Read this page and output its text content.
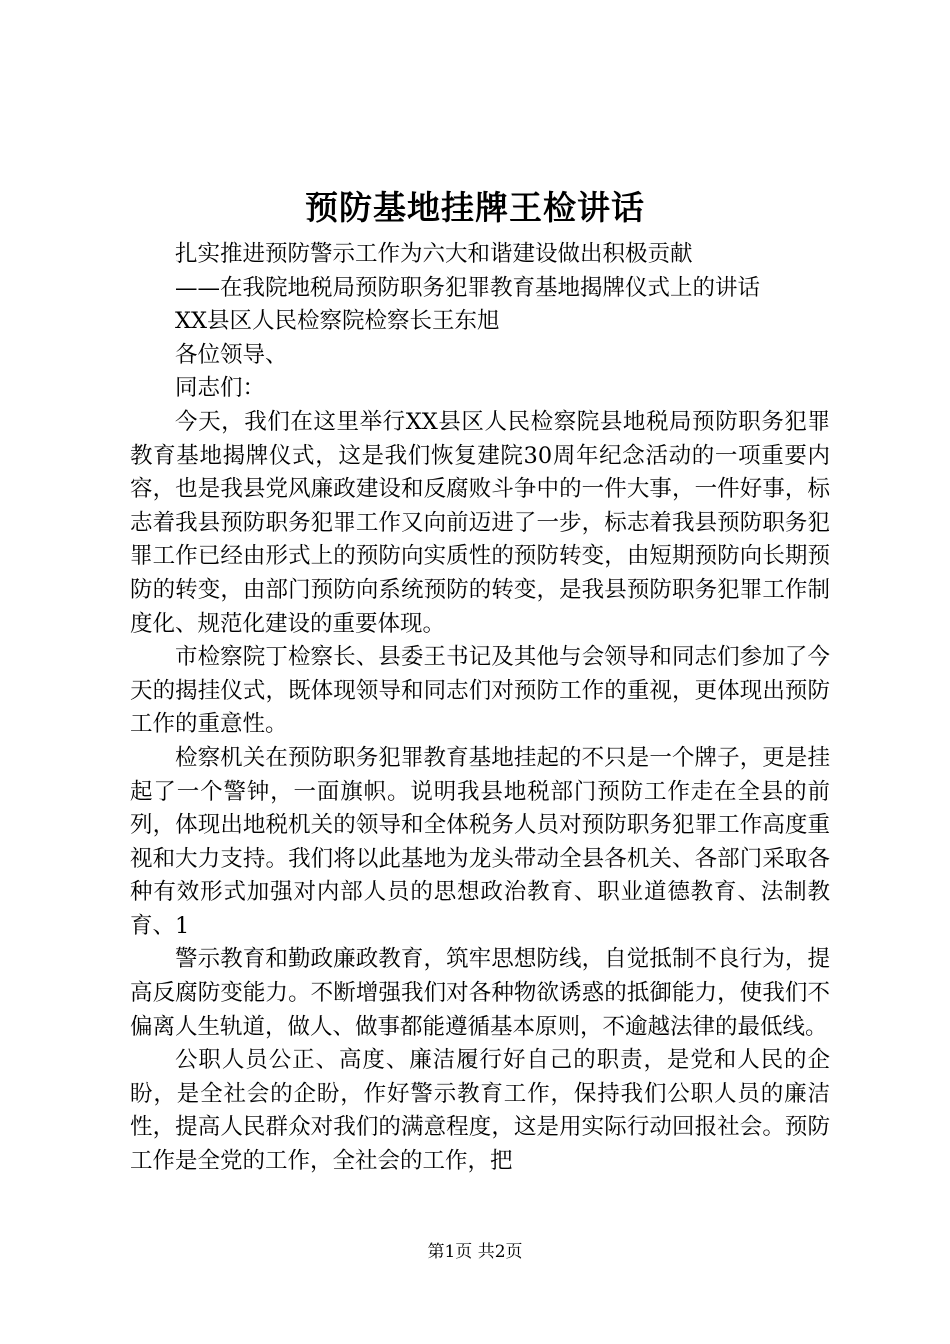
预防基地挂牌王检讲话

扎实推进预防警示工作为六大和谐建设做出积极贡献

——在我院地税局预防职务犯罪教育基地揭牌仪式上的讲话

XX县区人民检察院检察长王东旭

各位领导、

同志们：

今天，我们在这里举行XX县区人民检察院县地税局预防职务犯罪教育基地揭牌仪式，这是我们恢复建院30周年纪念活动的一项重要内容，也是我县党风廉政建设和反腐败斗争中的一件大事，一件好事，标志着我县预防职务犯罪工作又向前迈进了一步，标志着我县预防职务犯罪工作已经由形式上的预防向实质性的预防转变，由短期预防向长期预防的转变，由部门预防向系统预防的转变，是我县预防职务犯罪工作制度化、规范化建设的重要体现。

市检察院丁检察长、县委王书记及其他与会领导和同志们参加了今天的揭挂仪式，既体现领导和同志们对预防工作的重视，更体现出预防工作的重意性。

检察机关在预防职务犯罪教育基地挂起的不只是一个牌子，更是挂起了一个警钟，一面旗帜。说明我县地税部门预防工作走在全县的前列，体现出地税机关的领导和全体税务人员对预防职务犯罪工作高度重视和大力支持。我们将以此基地为龙头带动全县各机关、各部门采取各种有效形式加强对内部人员的思想政治教育、职业道德教育、法制教育、1

警示教育和勤政廉政教育，筑牢思想防线，自觉抵制不良行为，提高反腐防变能力。不断增强我们对各种物欲诱惑的抵御能力，使我们不偏离人生轨道，做人、做事都能遵循基本原则，不逾越法律的最低线。

公职人员公正、高度、廉洁履行好自己的职责，是党和人民的企盼，是全社会的企盼，作好警示教育工作，保持我们公职人员的廉洁性，提高人民群众对我们的满意程度，这是用实际行动回报社会。预防工作是全党的工作，全社会的工作，把

第1页 共2页
